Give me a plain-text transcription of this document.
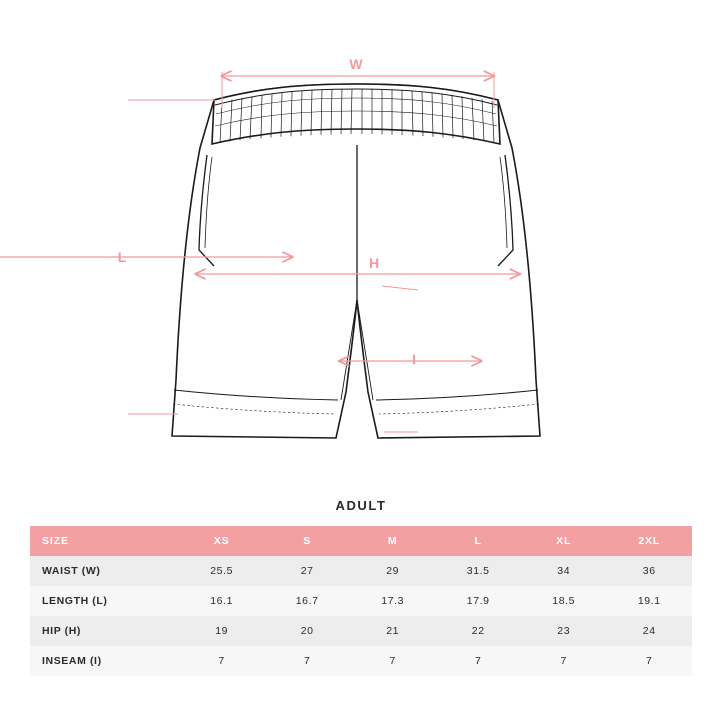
W
L	H
I
ADULT
SIZE	XS	S	M	L	XL	2XL
WAIST (W)	25.5	27	29	31.5	34	36
LENGTH (L)	16.1	16.7	17.3	17.9	18.5	19.1
HIP (H)	19	20	21	22	23	24
INSEAM (I)	7	7	7	7	7	7
